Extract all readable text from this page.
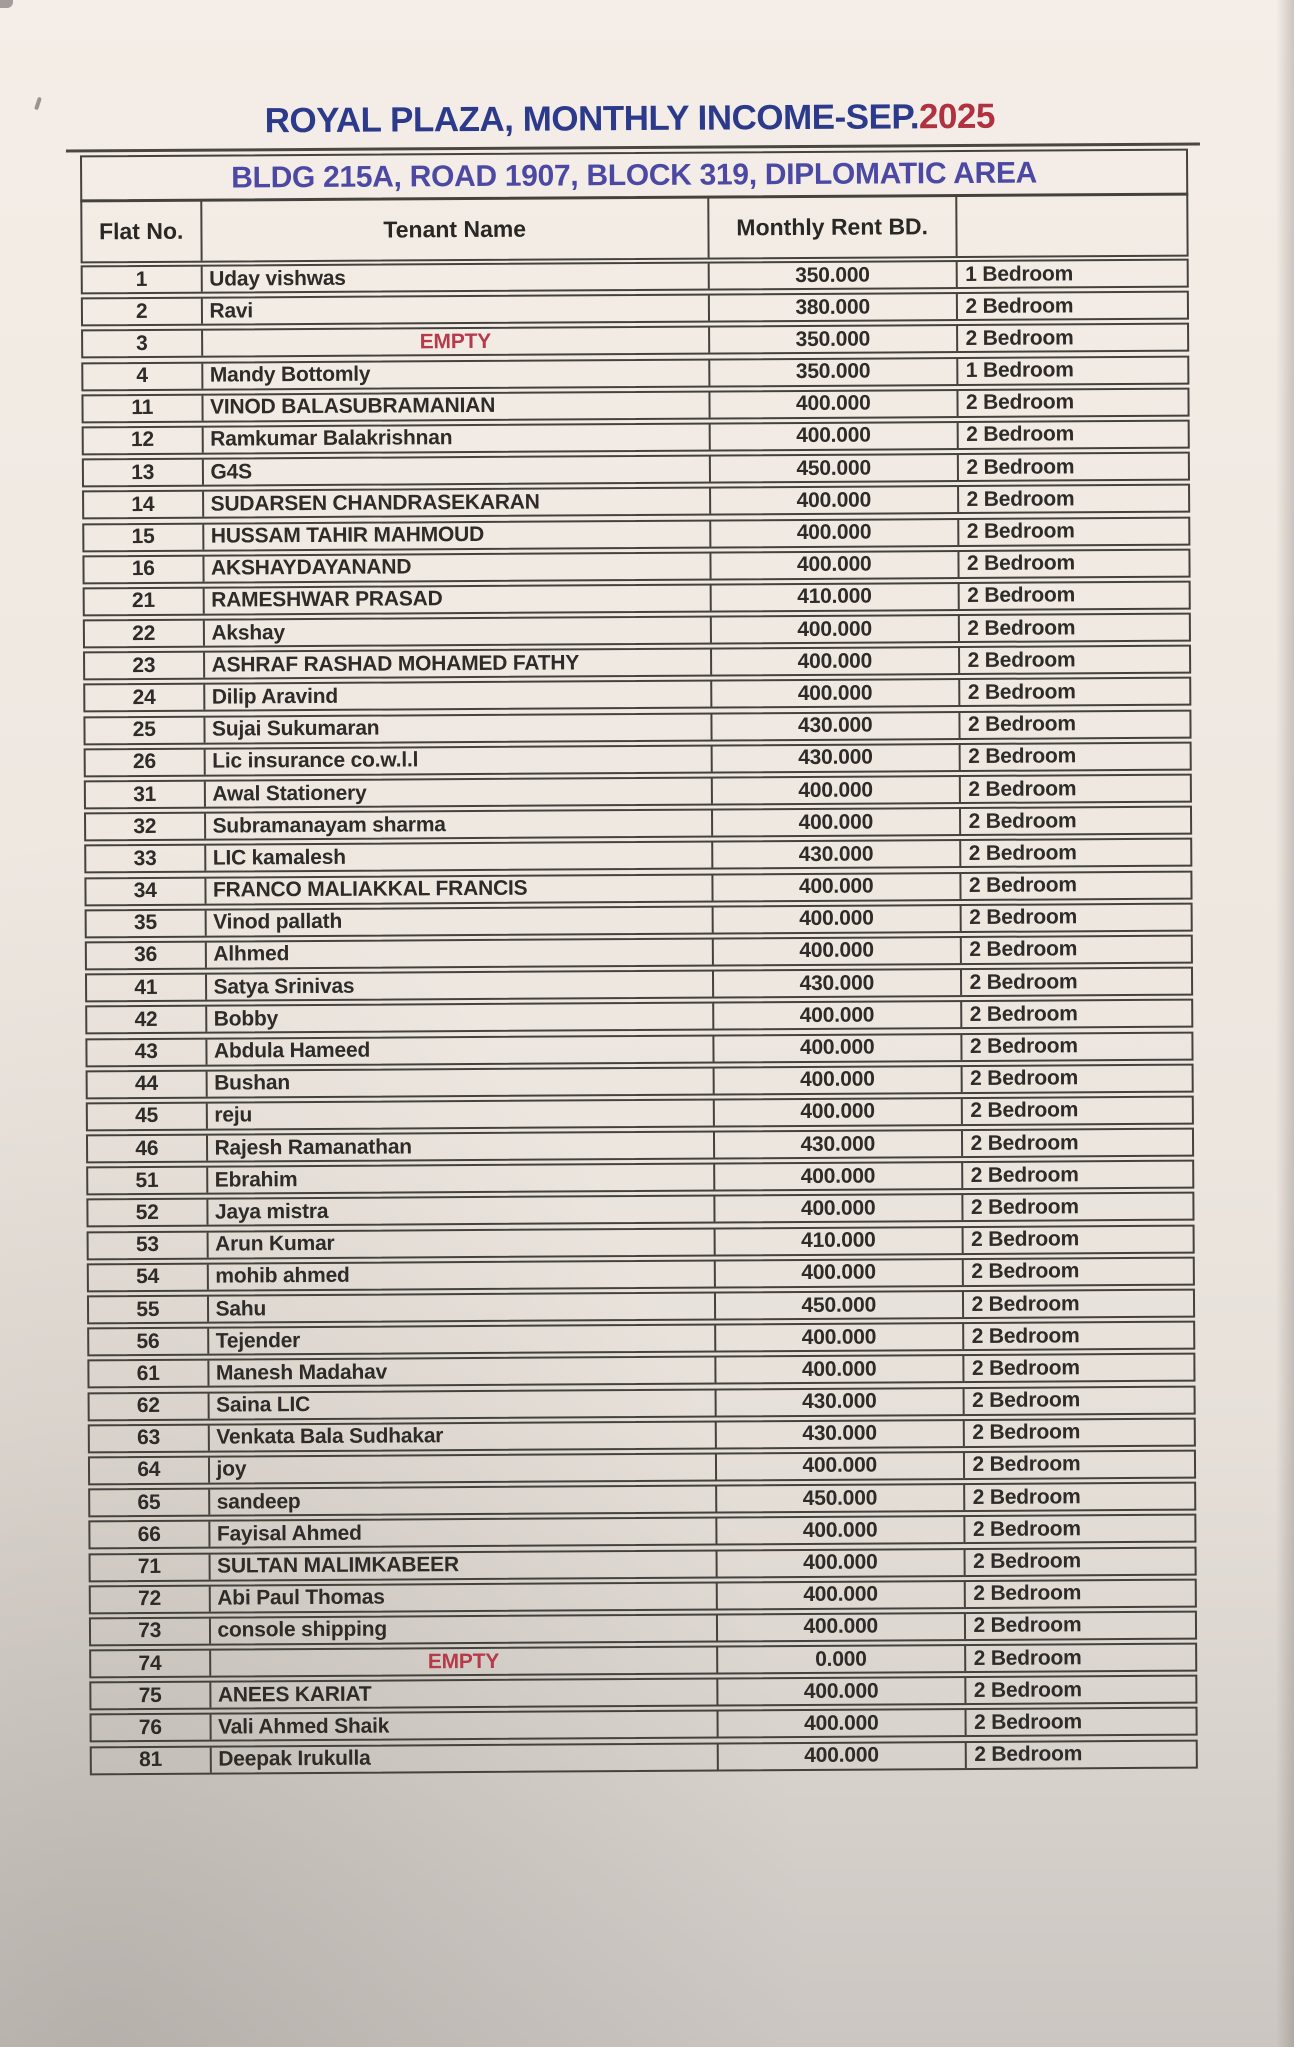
ROYAL PLAZA, MONTHLY INCOME-SEP.2025
BLDG 215A, ROAD 1907, BLOCK 319, DIPLOMATIC AREA
Flat No.	Tenant Name	Monthly Rent BD.
1	Uday vishwas	350.000	1 Bedroom
2	Ravi	380.000	2 Bedroom
3	EMPTY	350.000	2 Bedroom
4	Mandy Bottomly	350.000	1 Bedroom
11	VINOD BALASUBRAMANIAN	400.000	2 Bedroom
12	Ramkumar Balakrishnan	400.000	2 Bedroom
13	G4S	450.000	2 Bedroom
14	SUDARSEN CHANDRASEKARAN	400.000	2 Bedroom
15	HUSSAM TAHIR MAHMOUD	400.000	2 Bedroom
16	AKSHAYDAYANAND	400.000	2 Bedroom
21	RAMESHWAR PRASAD	410.000	2 Bedroom
22	Akshay	400.000	2 Bedroom
23	ASHRAF RASHAD MOHAMED FATHY	400.000	2 Bedroom
24	Dilip Aravind	400.000	2 Bedroom
25	Sujai Sukumaran	430.000	2 Bedroom
26	Lic insurance co.w.l.l	430.000	2 Bedroom
31	Awal Stationery	400.000	2 Bedroom
32	Subramanayam sharma	400.000	2 Bedroom
33	LIC kamalesh	430.000	2 Bedroom
34	FRANCO MALIAKKAL FRANCIS	400.000	2 Bedroom
35	Vinod pallath	400.000	2 Bedroom
36	Alhmed	400.000	2 Bedroom
41	Satya Srinivas	430.000	2 Bedroom
42	Bobby	400.000	2 Bedroom
43	Abdula Hameed	400.000	2 Bedroom
44	Bushan	400.000	2 Bedroom
45	reju	400.000	2 Bedroom
46	Rajesh Ramanathan	430.000	2 Bedroom
51	Ebrahim	400.000	2 Bedroom
52	Jaya mistra	400.000	2 Bedroom
53	Arun Kumar	410.000	2 Bedroom
54	mohib ahmed	400.000	2 Bedroom
55	Sahu	450.000	2 Bedroom
56	Tejender	400.000	2 Bedroom
61	Manesh Madahav	400.000	2 Bedroom
62	Saina LIC	430.000	2 Bedroom
63	Venkata Bala Sudhakar	430.000	2 Bedroom
64	joy	400.000	2 Bedroom
65	sandeep	450.000	2 Bedroom
66	Fayisal Ahmed	400.000	2 Bedroom
71	SULTAN MALIMKABEER	400.000	2 Bedroom
72	Abi Paul Thomas	400.000	2 Bedroom
73	console shipping	400.000	2 Bedroom
74	EMPTY	0.000	2 Bedroom
75	ANEES KARIAT	400.000	2 Bedroom
76	Vali Ahmed Shaik	400.000	2 Bedroom
81	Deepak Irukulla	400.000	2 Bedroom
